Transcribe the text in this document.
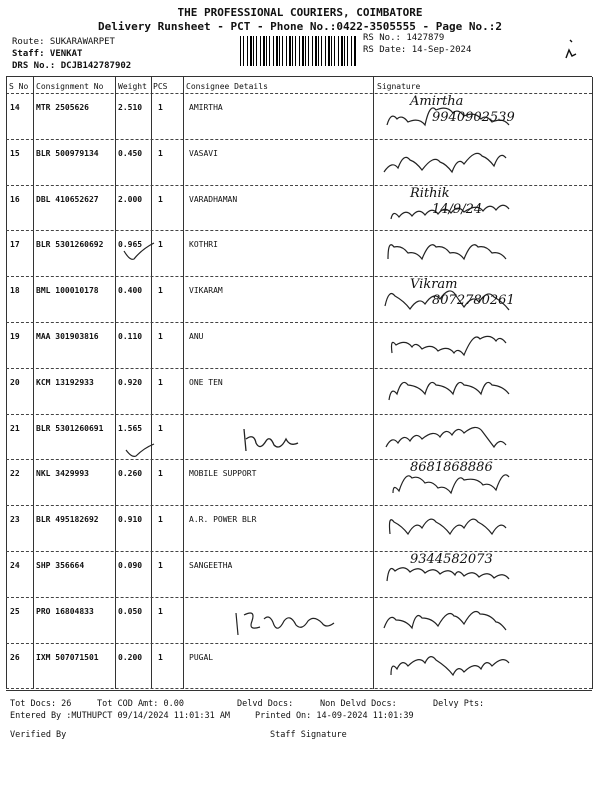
THE PROFESSIONAL COURIERS, COIMBATORE
Delivery Runsheet - PCT - Phone No.:0422-3505555 - Page No.:2
Route: SUKARAWARPET
Staff: VENKAT
DRS No.: DCJB142787902
RS No.: 1427879
RS Date: 14-Sep-2024
S No Consignment No Weight PCS Consignee Details	Signature
14 MTR 2505626	2.510 1	AMIRTHA	Amirtha
9940902539
15 BLR 500979134 0.450 1	VASAVI
16 DBL 410652627 2.000 1	VARADHAMAN	Rithik
14/9/24
17 BLR 5301260692 0.965 1	KOTHRI
18 BML 100010178 0.400 1	VIKARAM	Vikram
8072780261
19 MAA 301903816 0.110 1	ANU
20 KCM 13192933	0.920 1	ONE TEN
21 BLR 5301260691 1.565 1
22 NKL 3429993	0.260 1	MOBILE SUPPORT	8681868886
23 BLR 495182692 0.910 1	A.R. POWER BLR
24 SHP 356664	0.090 1	SANGEETHA	9344582073
25 PRO 16804833	0.050 1
26 IXM 507071501 0.200 1	PUGAL
Tot Docs: 26	Tot COD Amt: 0.00	Delvd Docs:	Non Delvd Docs:	Delvy Pts:
Entered By :MUTHUPCT 09/14/2024 11:01:31 AM	Printed On: 14-09-2024 11:01:39
Verified By	Staff Signature
